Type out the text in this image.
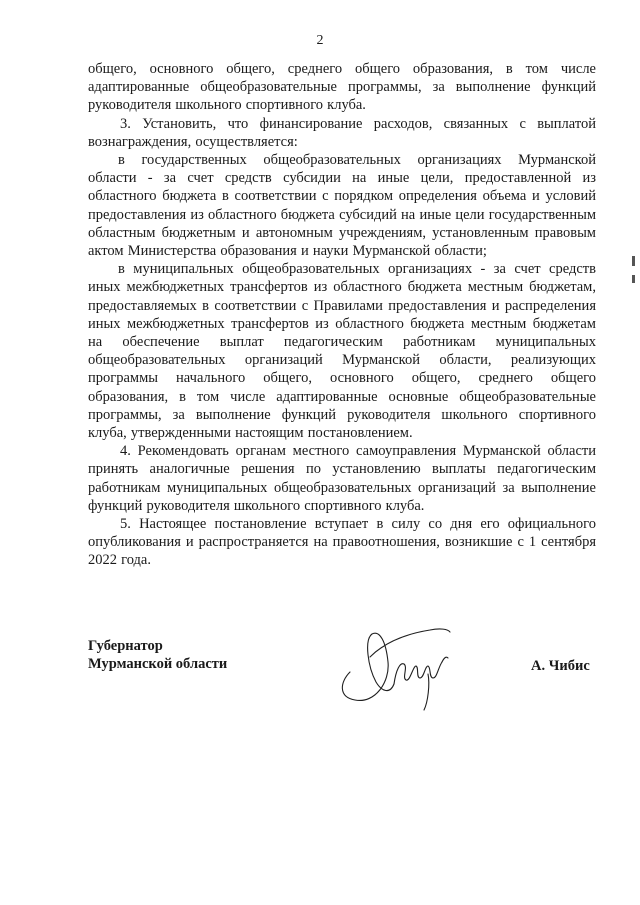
2

общего, основного общего, среднего общего образования, в том числе адаптированные общеобразовательные программы, за выполнение функций руководителя школьного спортивного клуба.

3. Установить, что финансирование расходов, связанных с выплатой вознаграждения, осуществляется:

в государственных общеобразовательных организациях Мурманской области - за счет средств субсидии на иные цели, предоставленной из областного бюджета в соответствии с порядком определения объема и условий предоставления из областного бюджета субсидий на иные цели государственным областным бюджетным и автономным учреждениям, установленным правовым актом Министерства образования и науки Мурманской области;

в муниципальных общеобразовательных организациях - за счет средств иных межбюджетных трансфертов из областного бюджета местным бюджетам, предоставляемых в соответствии с Правилами предоставления и распределения иных межбюджетных трансфертов из областного бюджета местным бюджетам на обеспечение выплат педагогическим работникам муниципальных общеобразовательных организаций Мурманской области, реализующих программы начального общего, основного общего, среднего общего образования, в том числе адаптированные основные общеобразовательные программы, за выполнение функций руководителя школьного спортивного клуба, утвержденными настоящим постановлением.

4. Рекомендовать органам местного самоуправления Мурманской области принять аналогичные решения по установлению выплаты педагогическим работникам муниципальных общеобразовательных организаций за выполнение функций руководителя школьного спортивного клуба.

5. Настоящее постановление вступает в силу со дня его официального опубликования и распространяется на правоотношения, возникшие с 1 сентября 2022 года.

Губернатор
Мурманской области	А. Чибис
